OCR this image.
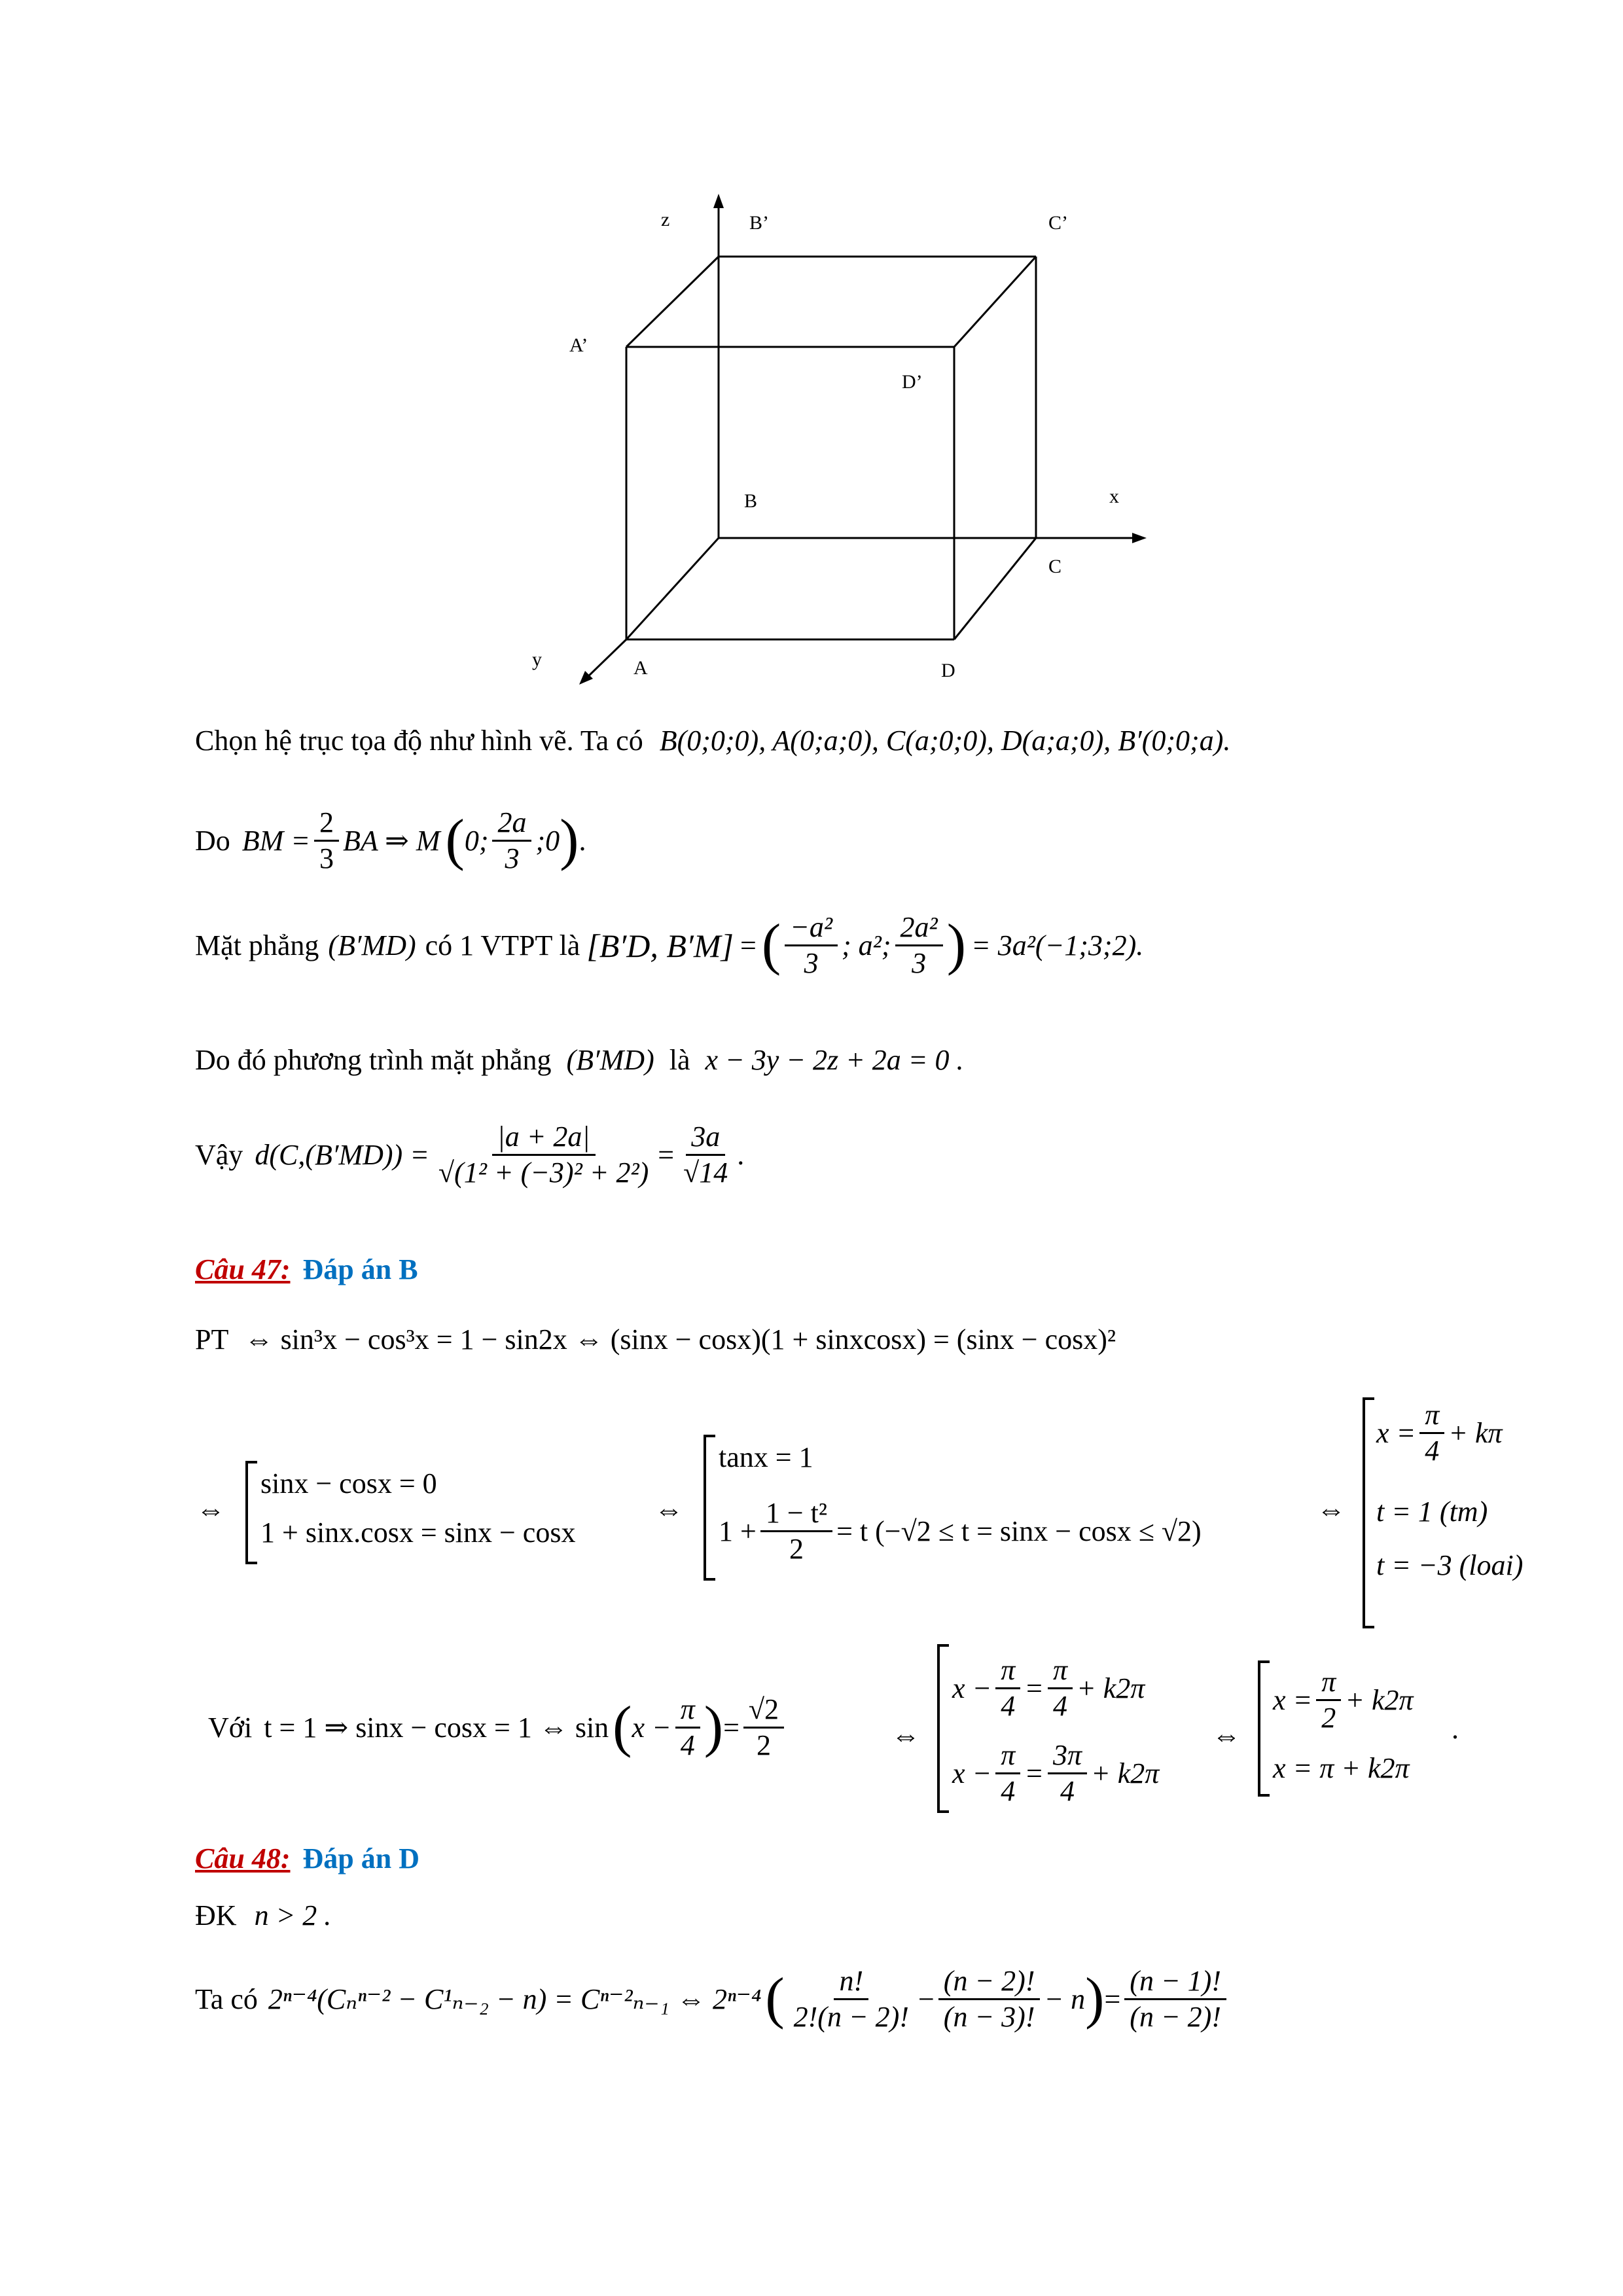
z	B’	C’
A’
D’
B	x
C
y	A	D
Chọn hệ trục tọa độ như hình vẽ. Ta có B(0;0;0), A(0;a;0), C(a;0;0), D(a;a;0), B′(0;0;a).
Do BM = $\frac{2}{3}$ BA ⇒ M ( 0; $\frac{2a}{3}$ ;0 ) .
Mặt phẳng (B′MD) có 1 VTPT là [B′D, B′M] = ( $\frac{\text{−a²}}{3}$ ; a²; $\frac{\text{2a²}}{3}$ ) = 3a²(−1;3;2).
Do đó phương trình mặt phẳng (B′MD) là x − 3y − 2z + 2a = 0 .
Vậy $d(C,(B'MD)) = \frac{|a + 2a|}{\text{√(1² + (−3)² + 2²)}} = \frac{3a}{√14}$ .
Câu 47: Đáp án B
PT ⇔ sin³x − cos³x = 1 − sin2x ⇔ (sinx − cosx)(1 + sinxcosx) = (sinx − cosx)²
⇔
sinx − cosx = 0
1 + sinx.cosx = sinx − cosx
⇔
tanx = 1
$1 + \frac{\text{1 − t²}}{2} = t$ (−√2 ≤ t = sinx − cosx ≤ √2)
⇔
$x = \frac{\pi}{4} + k\pi$
t = 1 (tm)
t = −3 (loai)
Với t = 1 ⇒ sinx − cosx = 1 ⇔ sin ( $x - \frac{\pi}{4}$ ) = $\frac{√2}{2}$	⇔
$x - \frac{\pi}{4} = \frac{\pi}{4} + k2\pi$
$x - \frac{\pi}{4} = \frac{3\pi}{4} + k2\pi$
⇔
$x = \frac{\pi}{2} + k2\pi$
x = π + k2π
.
Câu 48: Đáp án D
ĐK n > 2 .
Ta có 2ⁿ⁻⁴(Cₙⁿ⁻² − C¹ₙ₋₂ − n) = Cⁿ⁻²ₙ₋₁ ⇔ 2ⁿ⁻⁴ ( $\frac{n!}{2!(n - 2)!} - \frac{(n - 2)!}{(n - 3)!} - n$ ) = $\frac{(n - 1)!}{(n - 2)!}$
